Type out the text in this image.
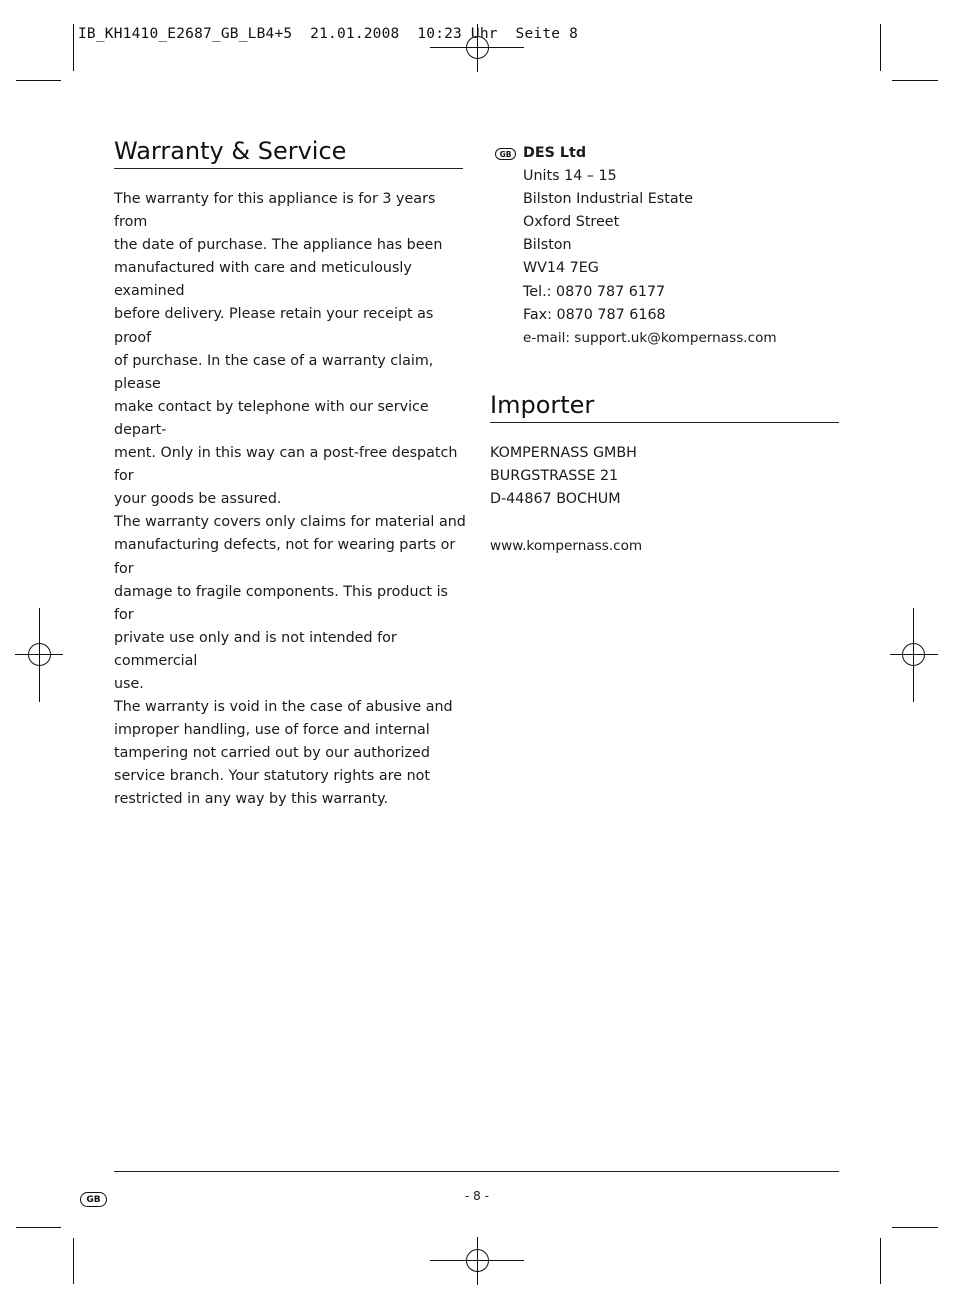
IB_KH1410_E2687_GB_LB4+5  21.01.2008  10:23 Uhr  Seite 8
Warranty & Service

The warranty for this appliance is for 3 years from
the date of purchase. The appliance has been
manufactured with care and meticulously examined
before delivery. Please retain your receipt as proof
of purchase. In the case of a warranty claim, please
make contact by telephone with our service depart-
ment. Only in this way can a post-free despatch for
your goods be assured.

The warranty covers only claims for material and
manufacturing defects, not for wearing parts or for
damage to fragile components. This product is for
private use only and is not intended for commercial
use.

The warranty is void in the case of abusive and
improper handling, use of force and internal
tampering not carried out by our authorized
service branch. Your statutory rights are not
restricted in any way by this warranty.

GB DES Ltd
Units 14 – 15
Bilston Industrial Estate
Oxford Street
Bilston
WV14 7EG
Tel.: 0870 787 6177
Fax: 0870 787 6168
e-mail: support.uk@kompernass.com
Importer
KOMPERNASS GMBH
BURGSTRASSE 21
D-44867 BOCHUM
www.kompernass.com
GB	- 8 -
